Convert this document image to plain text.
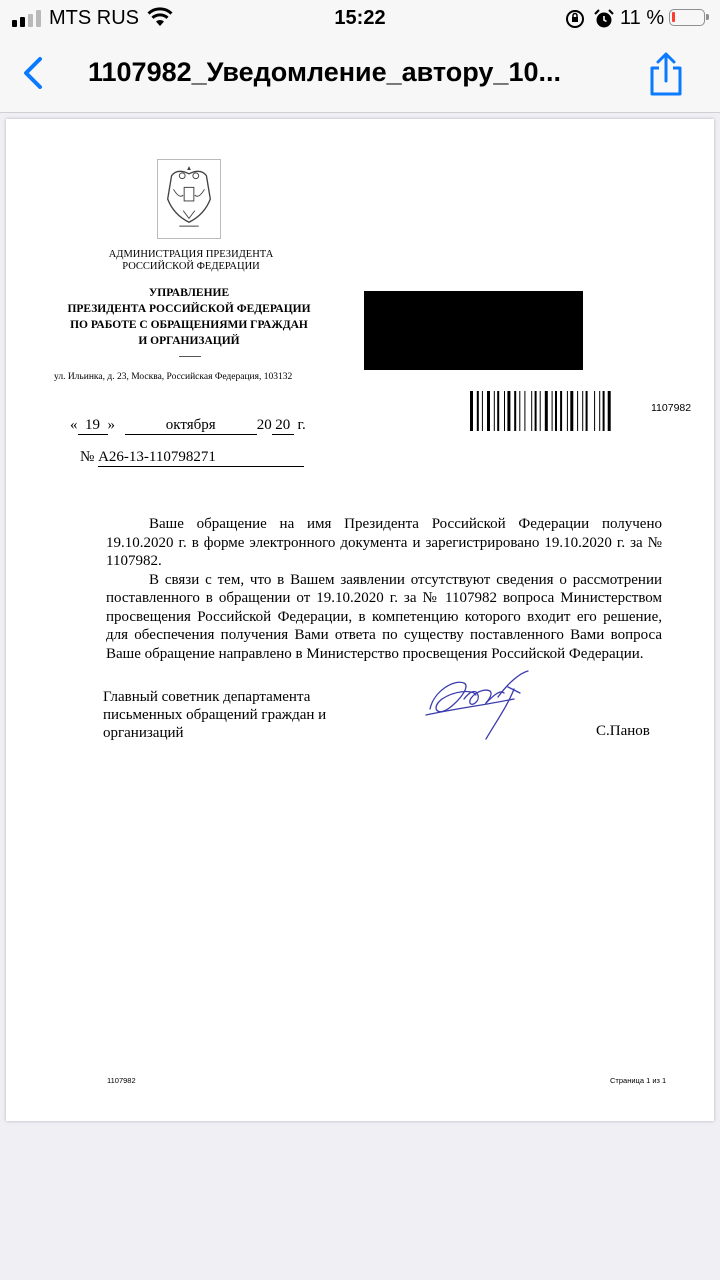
MTS RUS	15:22	11 %
1107982_Уведомление_автору_10...
АДМИНИСТРАЦИЯ ПРЕЗИДЕНТА
РОССИЙСКОЙ ФЕДЕРАЦИИ
УПРАВЛЕНИЕ
ПРЕЗИДЕНТА РОССИЙСКОЙ ФЕДЕРАЦИИ
ПО РАБОТЕ С ОБРАЩЕНИЯМИ ГРАЖДАН
И ОРГАНИЗАЦИЙ
ул. Ильинка, д. 23, Москва, Российская Федерация, 103132
1107982
« 19 »	октября	20 20 г.
№ А26-13-110798271

Ваше обращение на имя Президента Российской Федерации получено 19.10.2020 г. в форме электронного документа и зарегистрировано 19.10.2020 г. за № 1107982.

В связи с тем, что в Вашем заявлении отсутствуют сведения о рассмотрении поставленного в обращении от 19.10.2020 г. за № 1107982 вопроса Министерством просвещения Российской Федерации, в компетенцию которого входит его решение, для обеспечения получения Вами ответа по существу поставленного Вами вопроса Ваше обращение направлено в Министерство просвещения Российской Федерации.

Главный советник департамента
письменных обращений граждан и
организаций	С.Панов
1107982	Страница 1 из 1
